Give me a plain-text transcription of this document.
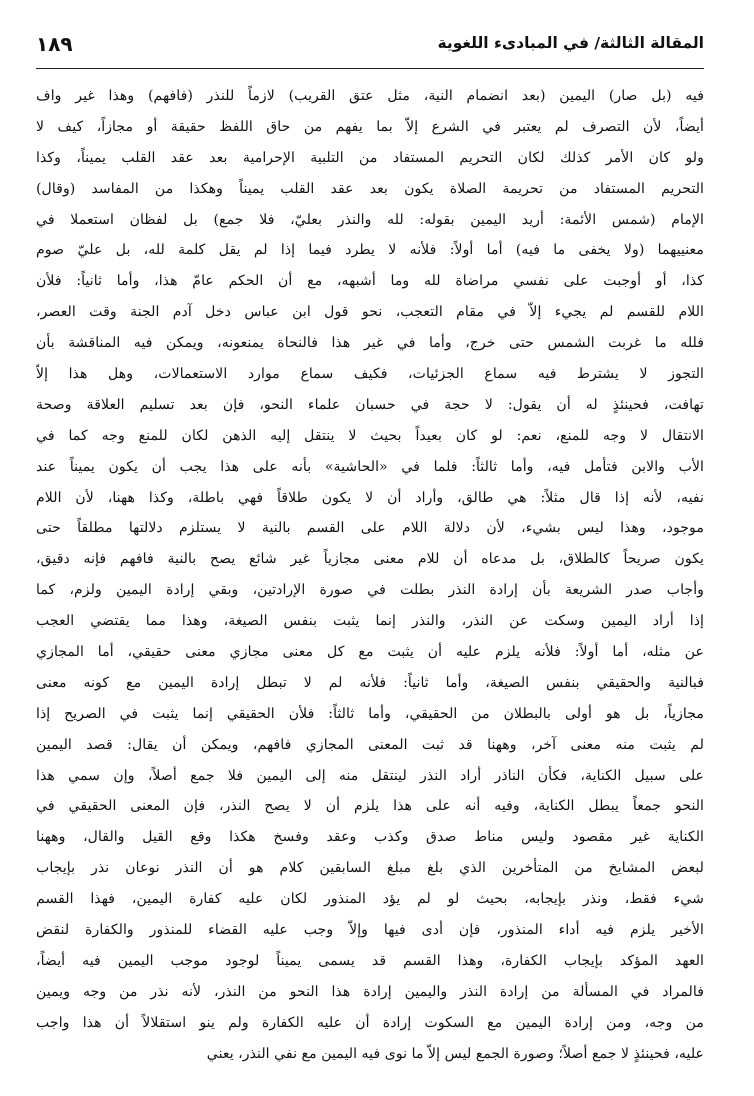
المقالة الثالثة/ في المبادىء اللغوية
١٨٩
فيه (بل صار) اليمين (بعد انضمام النية، مثل عتق القريب) لازماً للنذر (فافهم) وهذا غير واف
أيضاً، لأن التصرف لم يعتبر في الشرع إلاّ بما يفهم من حاق اللفظ حقيقة أو مجازاً، كيف لا
ولو كان الأمر كذلك لكان التحريم المستفاد من التلبية الإحرامية بعد عقد القلب يميناً، وكذا
التحريم المستفاد من تحريمة الصلاة يكون بعد عقد القلب يميناً وهكذا من المفاسد (وقال)
الإمام (شمس الأئمة: أريد اليمين بقوله: لله والنذر بعليّ، فلا جمع) بل لفظان استعملا في
معنييهما (ولا يخفى ما فيه) أما أولاً: فلأنه لا يطرد فيما إذا لم يقل كلمة لله، بل عليّ صوم
كذا، أو أوجبت على نفسي مراضاة لله وما أشبهه، مع أن الحكم عامّ هذا، وأما ثانياً: فلأن
اللام للقسم لم يجيء إلاّ في مقام التعجب، نحو قول ابن عباس دخل آدم الجنة وقت العصر،
فلله ما غربت الشمس حتى خرج، وأما في غير هذا فالنحاة يمنعونه، ويمكن فيه المناقشة بأن
التجوز لا يشترط فيه سماع الجزئيات، فكيف سماع موارد الاستعمالات، وهل هذا إلاّ
تهافت، فحينئذٍ له أن يقول: لا حجة في حسبان علماء النحو، فإن بعد تسليم العلاقة وصحة
الانتقال لا وجه للمنع، نعم: لو كان بعيداً بحيث لا ينتقل إليه الذهن لكان للمنع وجه كما في
الأب والابن فتأمل فيه، وأما ثالثاً: فلما في «الحاشية» بأنه على هذا يجب أن يكون يميناً عند
نفيه، لأنه إذا قال مثلاً: هي طالق، وأراد أن لا يكون طلاقاً فهي باطلة، وكذا ههنا، لأن اللام
موجود، وهذا ليس بشيء، لأن دلالة اللام على القسم بالنية لا يستلزم دلالتها مطلقاً حتى
يكون صريحاً كالطلاق، بل مدعاه أن للام معنى مجازياً غير شائع يصح بالنية فافهم فإنه دقيق،
وأجاب صدر الشريعة بأن إرادة النذر بطلت في صورة الإرادتين، وبقي إرادة اليمين ولزم، كما
إذا أراد اليمين وسكت عن النذر، والنذر إنما يثبت بنفس الصيغة، وهذا مما يقتضي العجب
عن مثله، أما أولاً: فلأنه يلزم عليه أن يثبت مع كل معنى مجازي معنى حقيقي، أما المجازي
فبالنية والحقيقي بنفس الصيغة، وأما ثانياً: فلأنه لم لا تبطل إرادة اليمين مع كونه معنى
مجازياً، بل هو أولى بالبطلان من الحقيقي، وأما ثالثاً: فلأن الحقيقي إنما يثبت في الصريح إذا
لم يثبت منه معنى آخر، وههنا قد ثبت المعنى المجازي فافهم، ويمكن أن يقال: قصد اليمين
على سبيل الكناية، فكأن الناذر أراد النذر لينتقل منه إلى اليمين فلا جمع أصلاً، وإن سمي هذا
النحو جمعاً يبطل الكناية، وفيه أنه على هذا يلزم أن لا يصح النذر، فإن المعنى الحقيقي في
الكناية غير مقصود وليس مناط صدق وكذب وعقد وفسخ هكذا وقع القيل والقال، وههنا
لبعض المشايخ من المتأخرين الذي بلغ مبلغ السابقين كلام هو أن النذر نوعان نذر بإيجاب
شيء فقط، ونذر بإيجابه، بحيث لو لم يؤد المنذور لكان عليه كفارة اليمين، فهذا القسم
الأخير يلزم فيه أداء المنذور، فإن أدى فيها وإلاّ وجب عليه القضاء للمنذور والكفارة لنقض
العهد المؤكد بإيجاب الكفارة، وهذا القسم قد يسمى يميناً لوجود موجب اليمين فيه أيضاً،
فالمراد في المسألة من إرادة النذر واليمين إرادة هذا النحو من النذر، لأنه نذر من وجه ويمين
من وجه، ومن إرادة اليمين مع السكوت إرادة أن عليه الكفارة ولم ينو استقلالاً أن هذا واجب
عليه، فحينئذٍ لا جمع أصلاً؛ وصورة الجمع ليس إلاّ ما نوى فيه اليمين مع نفي النذر، يعني
